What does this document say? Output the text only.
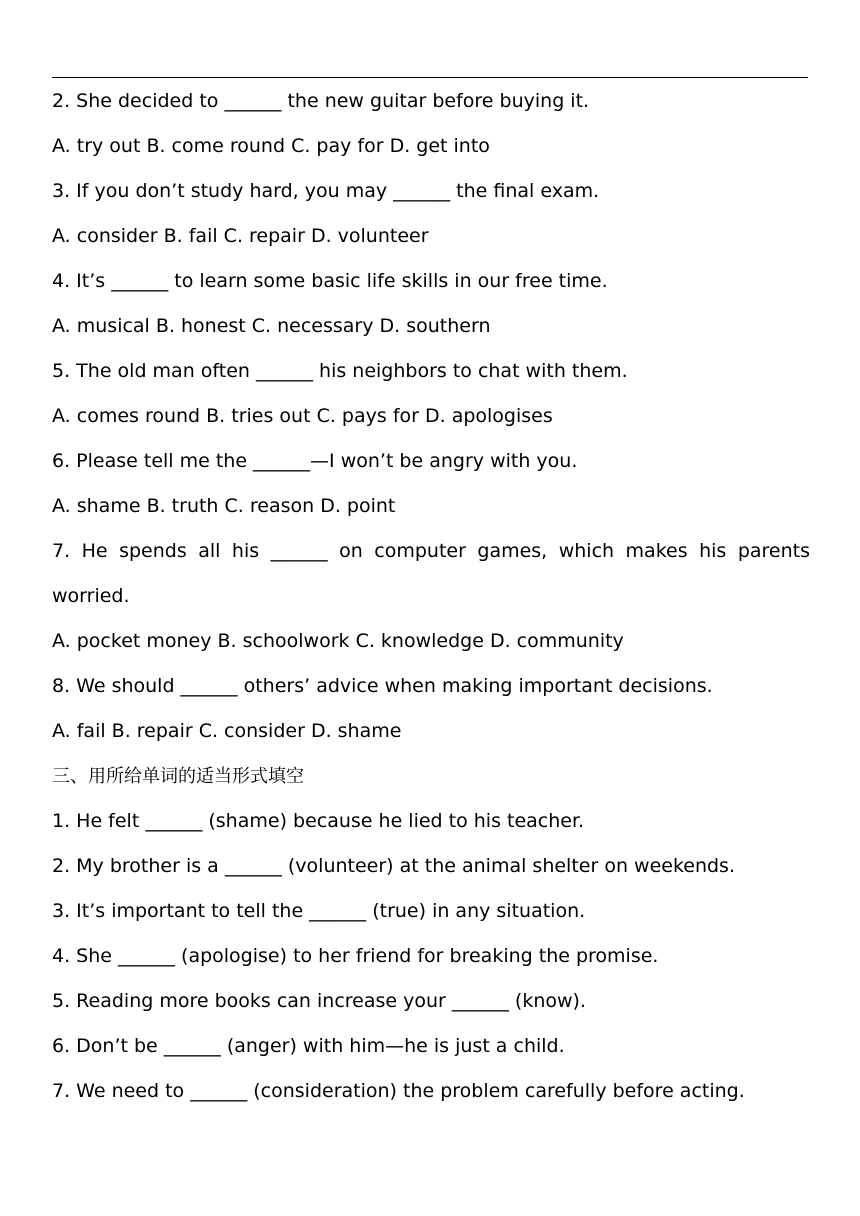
2. She decided to ______ the new guitar before buying it.
A. try out B. come round C. pay for D. get into
3. If you don’t study hard, you may ______ the final exam.
A. consider B. fail C. repair D. volunteer
4. It’s ______ to learn some basic life skills in our free time.
A. musical B. honest C. necessary D. southern
5. The old man often ______ his neighbors to chat with them.
A. comes round B. tries out C. pays for D. apologises
6. Please tell me the ______—I won’t be angry with you.
A. shame B. truth C. reason D. point
7. He spends all his ______ on computer games, which makes his parents
worried.
A. pocket money B. schoolwork C. knowledge D. community
8. We should ______ others’ advice when making important decisions.
A. fail B. repair C. consider D. shame
三、用所给单词的适当形式填空
1. He felt ______ (shame) because he lied to his teacher.
2. My brother is a ______ (volunteer) at the animal shelter on weekends.
3. It’s important to tell the ______ (true) in any situation.
4. She ______ (apologise) to her friend for breaking the promise.
5. Reading more books can increase your ______ (know).
6. Don’t be ______ (anger) with him—he is just a child.
7. We need to ______ (consideration) the problem carefully before acting.
